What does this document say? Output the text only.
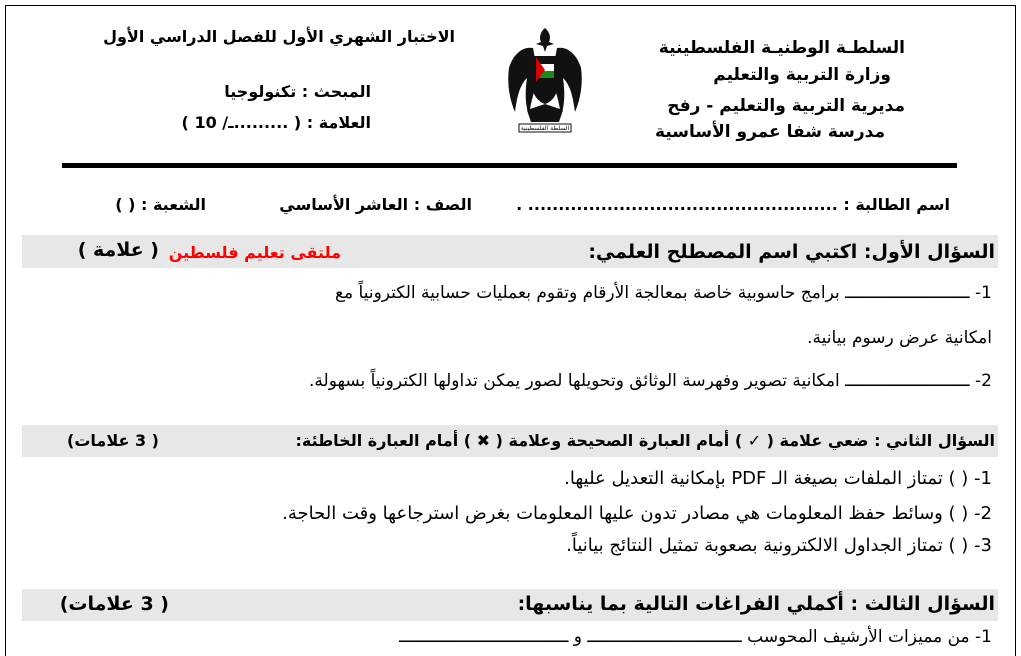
السلطـة الوطنيـة الفلسطينية
وزارة التربية والتعليم
مديرية التربية والتعليم - رفح
مدرسة شفا عمرو الأساسية
السلطة الفلسطينية
الاختبار الشهري الأول للفصل الدراسي الأول
المبحث : تكنولوجيا
العلامة : ( .........ـ/ 10 )
اسم الطالبة : ................................................... .
الصف : العاشر الأساسي
الشعبة : ( )
السؤال الأول: اكتبي اسم المصطلح العلمي:
ملتقى تعليم فلسطين
( علامة )
1- ـــــــــــــــــــــــــ برامج حاسوبية خاصة بمعالجة الأرقام وتقوم بعمليات حسابية الكترونياً مع
امكانية عرض رسوم بيانية.
2- ـــــــــــــــــــــــــ امكانية تصوير وفهرسة الوثائق وتحويلها لصور يمكن تداولها الكترونياً بسهولة.
السؤال الثاني : ضعي علامة ( ✓ ) أمام العبارة الصحيحة وعلامة ( ✖ ) أمام العبارة الخاطئة:
( 3 علامات)
1- ( ) تمتاز الملفات بصيغة الـ PDF بإمكانية التعديل عليها.
2- ( ) وسائط حفظ المعلومات هي مصادر تدون عليها المعلومات بغرض استرجاعها وقت الحاجة.
3- ( ) تمتاز الجداول الالكترونية بصعوبة تمثيل النتائج بيانياً.
السؤال الثالث : أكملي الفراغات التالية بما يناسبها:
( 3 علامات)
1- من مميزات الأرشيف المحوسب ـــــــــــــــــــــــــــــــ و ــــــــــــــــــــــــــــــــــ
